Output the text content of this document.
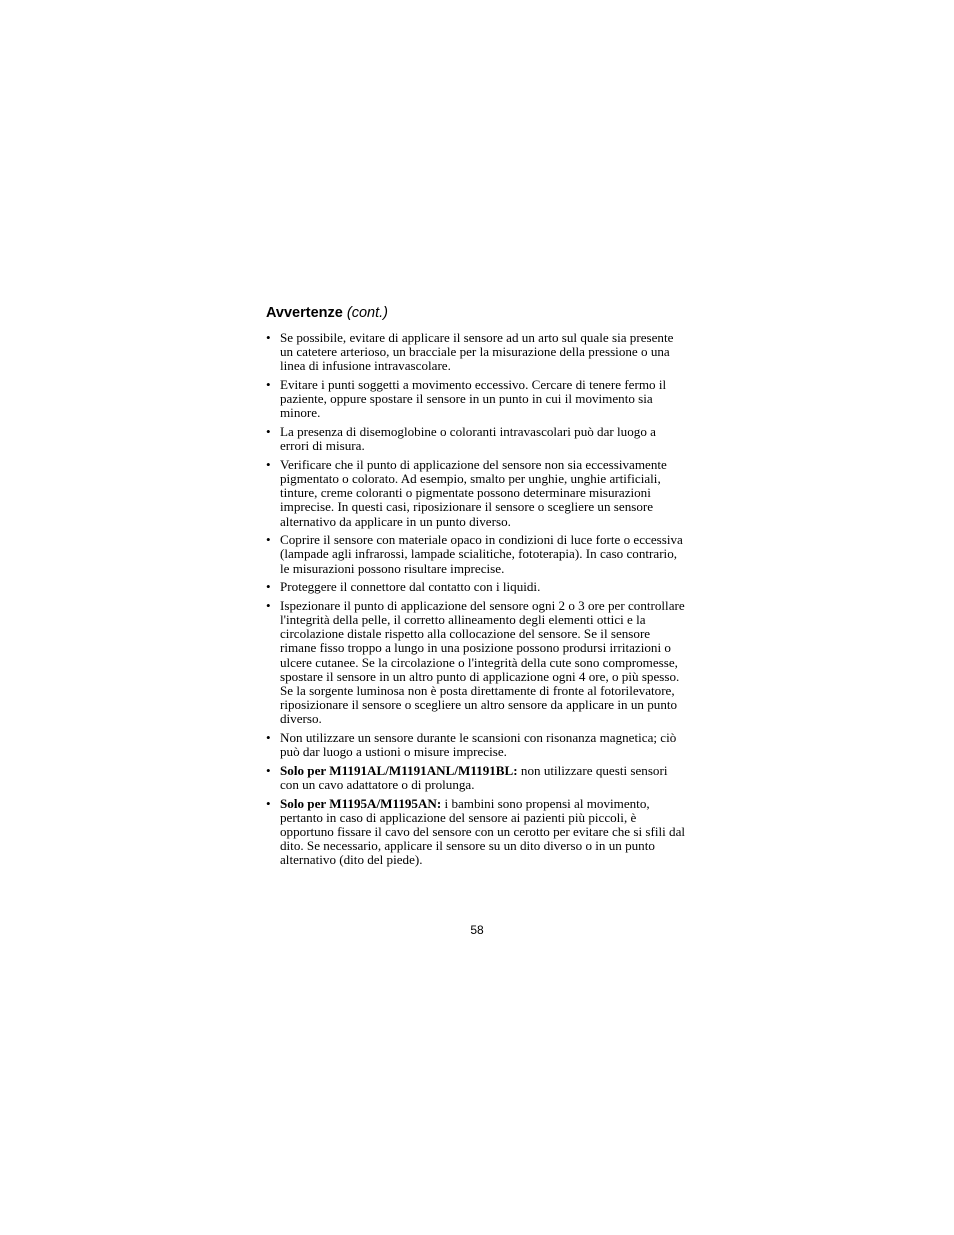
Avvertenze (cont.)
• Se possibile, evitare di applicare il sensore ad un arto sul quale sia presente un catetere arterioso, un bracciale per la misurazione della pressione o una linea di infusione intravascolare.
• Evitare i punti soggetti a movimento eccessivo. Cercare di tenere fermo il paziente, oppure spostare il sensore in un punto in cui il movimento sia minore.
• La presenza di disemoglobine o coloranti intravascolari può dar luogo a errori di misura.
• Verificare che il punto di applicazione del sensore non sia eccessivamente pigmentato o colorato. Ad esempio, smalto per unghie, unghie artificiali, tinture, creme coloranti o pigmentate possono determinare misurazioni imprecise. In questi casi, riposizionare il sensore o scegliere un sensore alternativo da applicare in un punto diverso.
• Coprire il sensore con materiale opaco in condizioni di luce forte o eccessiva (lampade agli infrarossi, lampade scialitiche, fototerapia). In caso contrario, le misurazioni possono risultare imprecise.
• Proteggere il connettore dal contatto con i liquidi.
• Ispezionare il punto di applicazione del sensore ogni 2 o 3 ore per controllare l'integrità della pelle, il corretto allineamento degli elementi ottici e la circolazione distale rispetto alla collocazione del sensore. Se il sensore rimane fisso troppo a lungo in una posizione possono prodursi irritazioni o ulcere cutanee. Se la circolazione o l'integrità della cute sono compromesse, spostare il sensore in un altro punto di applicazione ogni 4 ore, o più spesso. Se la sorgente luminosa non è posta direttamente di fronte al fotorilevatore, riposizionare il sensore o scegliere un altro sensore da applicare in un punto diverso.
• Non utilizzare un sensore durante le scansioni con risonanza magnetica; ciò può dar luogo a ustioni o misure imprecise.
• Solo per M1191AL/M1191ANL/M1191BL: non utilizzare questi sensori con un cavo adattatore o di prolunga.
• Solo per M1195A/M1195AN: i bambini sono propensi al movimento, pertanto in caso di applicazione del sensore ai pazienti più piccoli, è opportuno fissare il cavo del sensore con un cerotto per evitare che si sfili dal dito. Se necessario, applicare il sensore su un dito diverso o in un punto alternativo (dito del piede).
58
